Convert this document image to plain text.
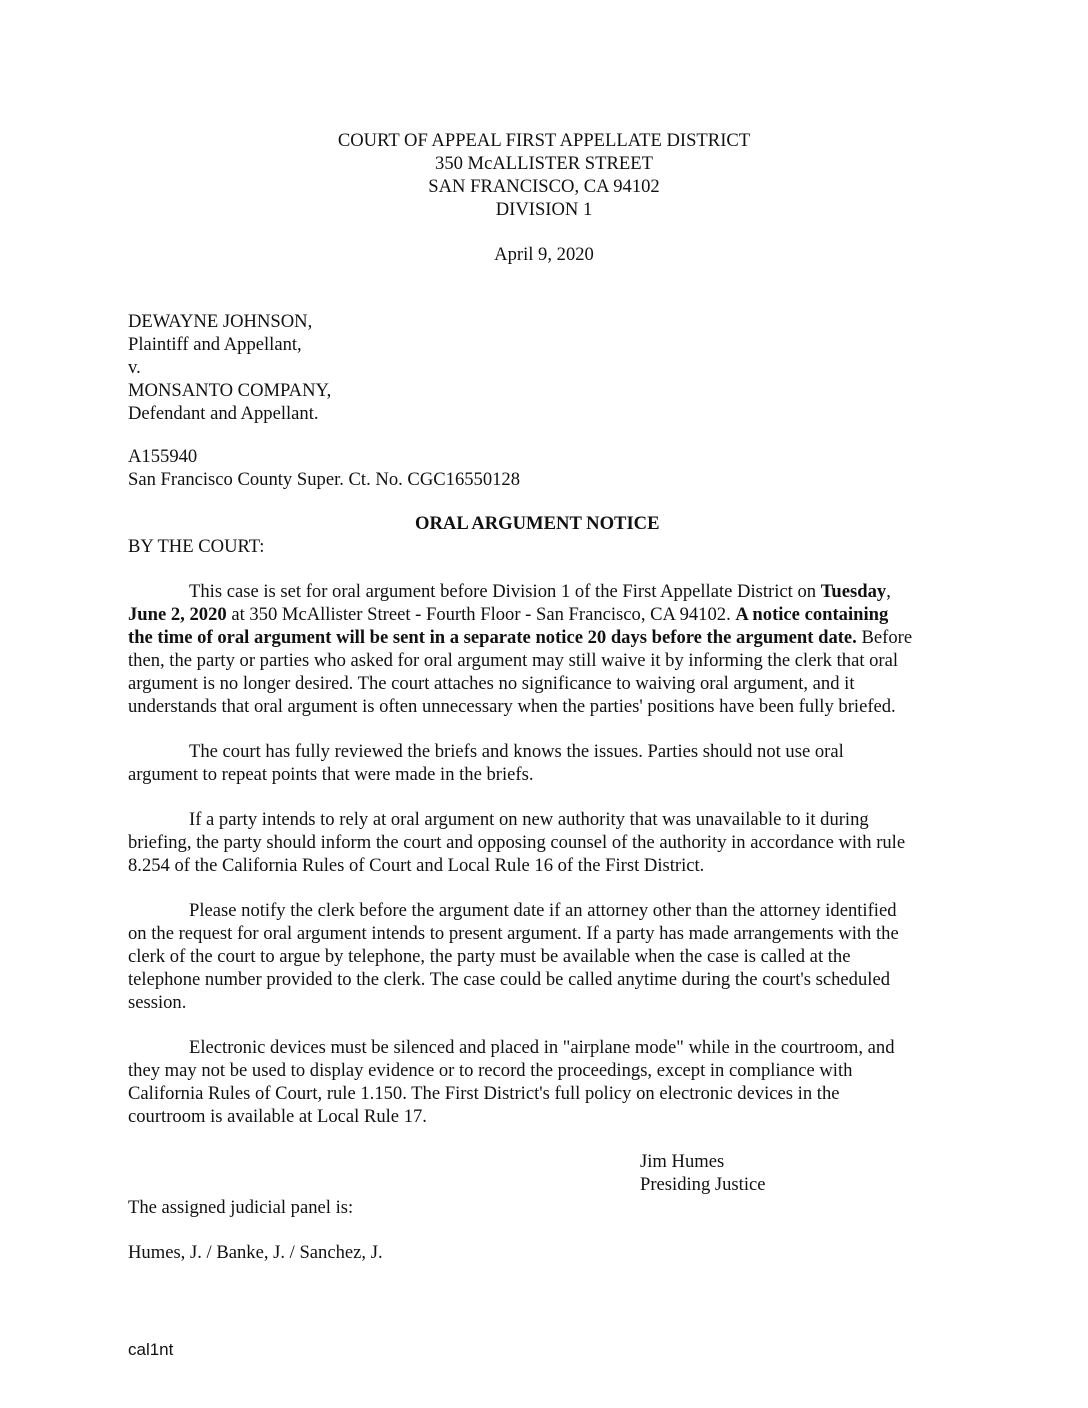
COURT OF APPEAL FIRST APPELLATE DISTRICT
350 McALLISTER STREET
SAN FRANCISCO, CA 94102
DIVISION 1
April 9, 2020
DEWAYNE JOHNSON,
Plaintiff and Appellant,
v.
MONSANTO COMPANY,
Defendant and Appellant.
A155940
San Francisco County Super. Ct. No. CGC16550128
ORAL ARGUMENT NOTICE
BY THE COURT:
This case is set for oral argument before Division 1 of the First Appellate District on Tuesday,
June 2, 2020 at 350 McAllister Street - Fourth Floor - San Francisco, CA 94102. A notice containing
the time of oral argument will be sent in a separate notice 20 days before the argument date. Before
then, the party or parties who asked for oral argument may still waive it by informing the clerk that oral
argument is no longer desired. The court attaches no significance to waiving oral argument, and it
understands that oral argument is often unnecessary when the parties' positions have been fully briefed.
The court has fully reviewed the briefs and knows the issues. Parties should not use oral
argument to repeat points that were made in the briefs.
If a party intends to rely at oral argument on new authority that was unavailable to it during
briefing, the party should inform the court and opposing counsel of the authority in accordance with rule
8.254 of the California Rules of Court and Local Rule 16 of the First District.
Please notify the clerk before the argument date if an attorney other than the attorney identified
on the request for oral argument intends to present argument. If a party has made arrangements with the
clerk of the court to argue by telephone, the party must be available when the case is called at the
telephone number provided to the clerk. The case could be called anytime during the court's scheduled
session.
Electronic devices must be silenced and placed in "airplane mode" while in the courtroom, and
they may not be used to display evidence or to record the proceedings, except in compliance with
California Rules of Court, rule 1.150. The First District's full policy on electronic devices in the
courtroom is available at Local Rule 17.
Jim Humes
Presiding Justice
The assigned judicial panel is:
Humes, J. / Banke, J. / Sanchez, J.
cal1nt
